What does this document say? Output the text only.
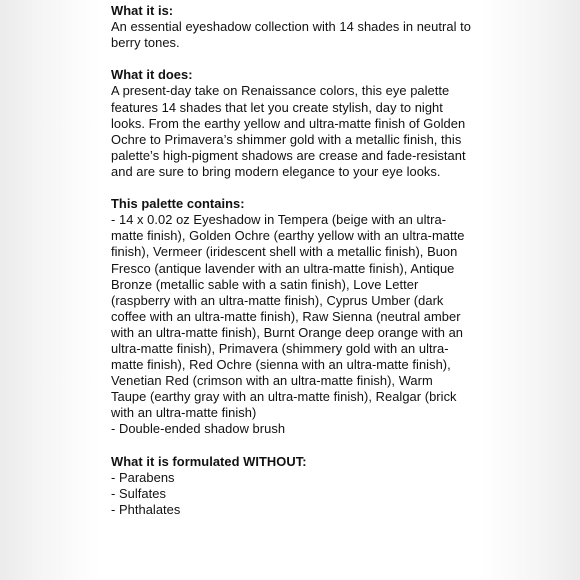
What it is:
An essential eyeshadow collection with 14 shades in neutral to berry tones.
What it does:
A present-day take on Renaissance colors, this eye palette features 14 shades that let you create stylish, day to night looks. From the earthy yellow and ultra-matte finish of Golden Ochre to Primavera’s shimmer gold with a metallic finish, this palette’s high-pigment shadows are crease and fade-resistant and are sure to bring modern elegance to your eye looks.
This palette contains:
- 14 x 0.02 oz Eyeshadow in Tempera (beige with an ultra-matte finish), Golden Ochre (earthy yellow with an ultra-matte finish), Vermeer (iridescent shell with a metallic finish), Buon Fresco (antique lavender with an ultra-matte finish), Antique Bronze (metallic sable with a satin finish), Love Letter (raspberry with an ultra-matte finish), Cyprus Umber (dark coffee with an ultra-matte finish), Raw Sienna (neutral amber with an ultra-matte finish), Burnt Orange deep orange with an ultra-matte finish), Primavera (shimmery gold with an ultra-matte finish), Red Ochre (sienna with an ultra-matte finish), Venetian Red (crimson with an ultra-matte finish), Warm Taupe (earthy gray with an ultra-matte finish), Realgar (brick with an ultra-matte finish)
- Double-ended shadow brush
What it is formulated WITHOUT:
- Parabens
- Sulfates
- Phthalates
